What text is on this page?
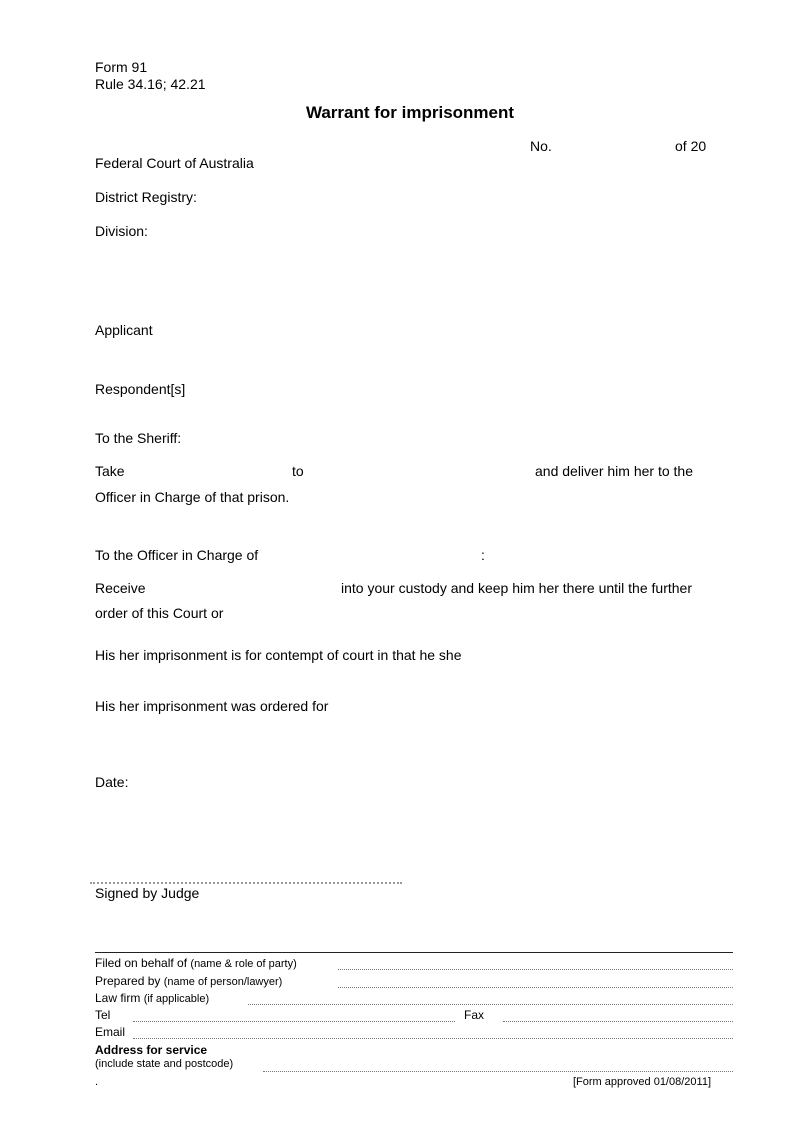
Form 91
Rule 34.16; 42.21
Warrant for imprisonment
No.	of 20
Federal Court of Australia
District Registry:
Division:
Applicant
Respondent[s]
To the Sheriff:
Take	to	and deliver him her to the
Officer in Charge of that prison.
To the Officer in Charge of	:
Receive	into your custody and keep him her there until the further
order of this Court or
His her imprisonment is for contempt of court in that he she
His her imprisonment was ordered for
Date:
Signed by Judge
Filed on behalf of (name & role of party)
Prepared by (name of person/lawyer)
Law firm (if applicable)
Tel	Fax
Email
Address for service
(include state and postcode)
.	[Form approved 01/08/2011]
